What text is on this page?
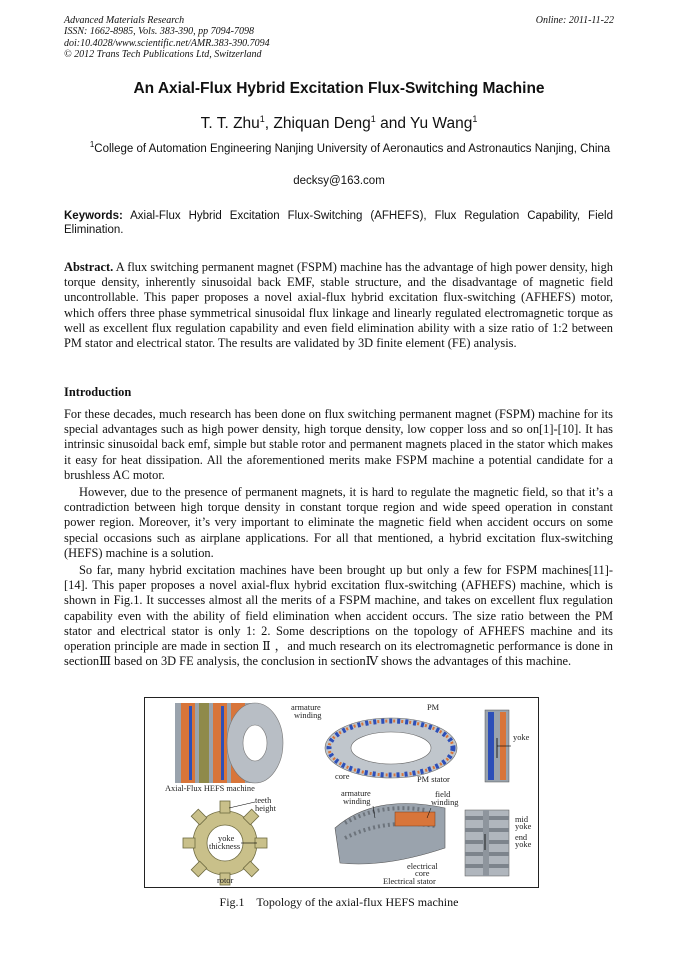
Advanced Materials Research
ISSN: 1662-8985, Vols. 383-390, pp 7094-7098
doi:10.4028/www.scientific.net/AMR.383-390.7094
© 2012 Trans Tech Publications Ltd, Switzerland
Online: 2011-11-22
An Axial-Flux Hybrid Excitation Flux-Switching Machine
T. T. Zhu$^1$, Zhiquan Deng$^1$ and Yu Wang$^1$
$^1$College of Automation Engineering Nanjing University of Aeronautics and Astronautics Nanjing, China
decksy@163.com
Keywords: Axial-Flux Hybrid Excitation Flux-Switching (AFHEFS), Flux Regulation Capability, Field Elimination.
Abstract. A flux switching permanent magnet (FSPM) machine has the advantage of high power density, high torque density, inherently sinusoidal back EMF, stable structure, and the disadvantage of magnetic field uncontrollable. This paper proposes a novel axial-flux hybrid excitation flux-switching (AFHEFS) motor, which offers three phase symmetrical sinusoidal flux linkage and linearly regulated electromagnetic torque as well as excellent flux regulation capability and even field elimination ability with a size ratio of 1:2 between PM stator and electrical stator. The results are validated by 3D finite element (FE) analysis.
Introduction
For these decades, much research has been done on flux switching permanent magnet (FSPM) machine for its special advantages such as high power density, high torque density, low copper loss and so on[1]-[10]. It has intrinsic sinusoidal back emf, simple but stable rotor and permanent magnets placed in the stator which makes it easy for heat dissipation. All the aforementioned merits make FSPM machine a potential candidate for a brushless AC motor.
However, due to the presence of permanent magnets, it is hard to regulate the magnetic field, so that it’s a contradiction between high torque density in constant torque region and wide speed operation in constant power region. Moreover, it’s very important to eliminate the magnetic field when accident occurs on some special occasions such as airplane applications. For all that mentioned, a hybrid excitation flux-switching (HEFS) machine is a solution.
So far, many hybrid excitation machines have been brought up but only a few for FSPM machines[11]-[14]. This paper proposes a novel axial-flux hybrid excitation flux-switching (AFHEFS) machine, which is shown in Fig.1. It successes almost all the merits of a FSPM machine, and takes on excellent flux regulation capability even with the ability of field elimination when accident occurs. The size ratio between the PM stator and electrical stator is only 1: 2. Some descriptions on the topology of AFHEFS machine and its operation principle are made in section Ⅱ ，and much research on its electromagnetic performance is done in sectionⅢ based on 3D FE analysis, the conclusion in sectionⅣ shows the advantages of this machine.
armature
winding
PM
core	PM stator
yoke
Axial-Flux HEFS machine
teeth
height
yoke
thickness
rotor
armature
winding
field
winding
electrical
core
Electrical stator
mid
yoke
end
yoke
Fig.1    Topology of the axial-flux HEFS machine
